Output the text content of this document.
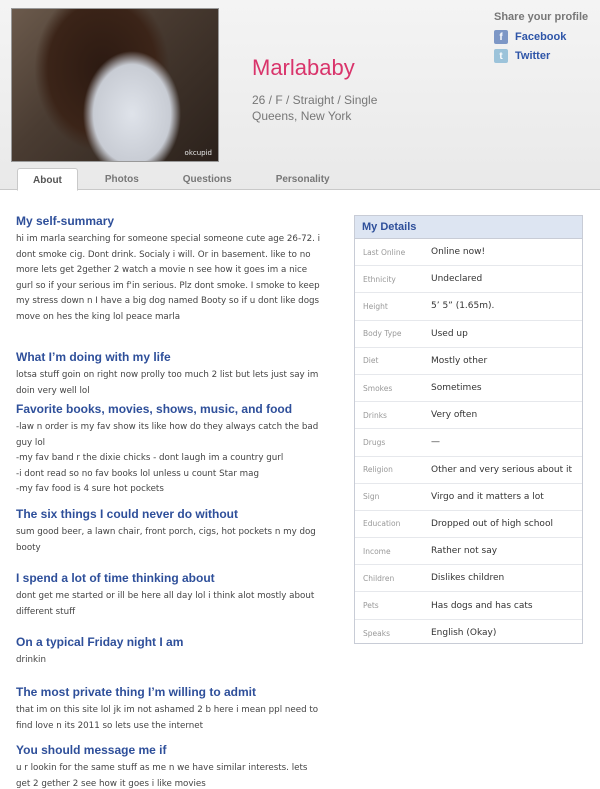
okcupid
Marlababy
26 / F / Straight / Single
Queens, New York
Share your profile
f	Facebook
t	Twitter
About	Photos	Questions	Personality
My self-summary

hi im marla searching for someone special someone cute age 26-72. i
dont smoke cig. Dont drink. Socialy i will. Or in basement. like to no
more lets get 2gether 2 watch a movie n see how it goes im a nice
gurl so if your serious im f'in serious. Plz dont smoke. I smoke to keep
my stress down n I have a big dog named Booty so if u dont like dogs
move on hes the king lol peace marla

What I’m doing with my life

lotsa stuff goin on right now prolly too much 2 list but lets just say im
doin very well lol

Favorite books, movies, shows, music, and food

-law n order is my fav show its like how do they always catch the bad
guy lol
-my fav band r the dixie chicks - dont laugh im a country gurl
-i dont read so no fav books lol unless u count Star mag
-my fav food is 4 sure hot pockets

The six things I could never do without

sum good beer, a lawn chair, front porch, cigs, hot pockets n my dog
booty

I spend a lot of time thinking about

dont get me started or ill be here all day lol i think alot mostly about
different stuff

On a typical Friday night I am

drinkin

The most private thing I’m willing to admit

that im on this site lol jk im not ashamed 2 b here i mean ppl need to
find love n its 2011 so lets use the internet

You should message me if

u r lookin for the same stuff as me n we have similar interests. lets
get 2 gether 2 see how it goes i like movies

My Details
Last Online	Online now!
Ethnicity	Undeclared
Height	5’ 5” (1.65m).
Body Type	Used up
Diet	Mostly other
Smokes	Sometimes
Drinks	Very often
Drugs	—
Religion	Other and very serious about it
Sign	Virgo and it matters a lot
Education	Dropped out of high school
Income	Rather not say
Children	Dislikes children
Pets	Has dogs and has cats
Speaks	English (Okay)
